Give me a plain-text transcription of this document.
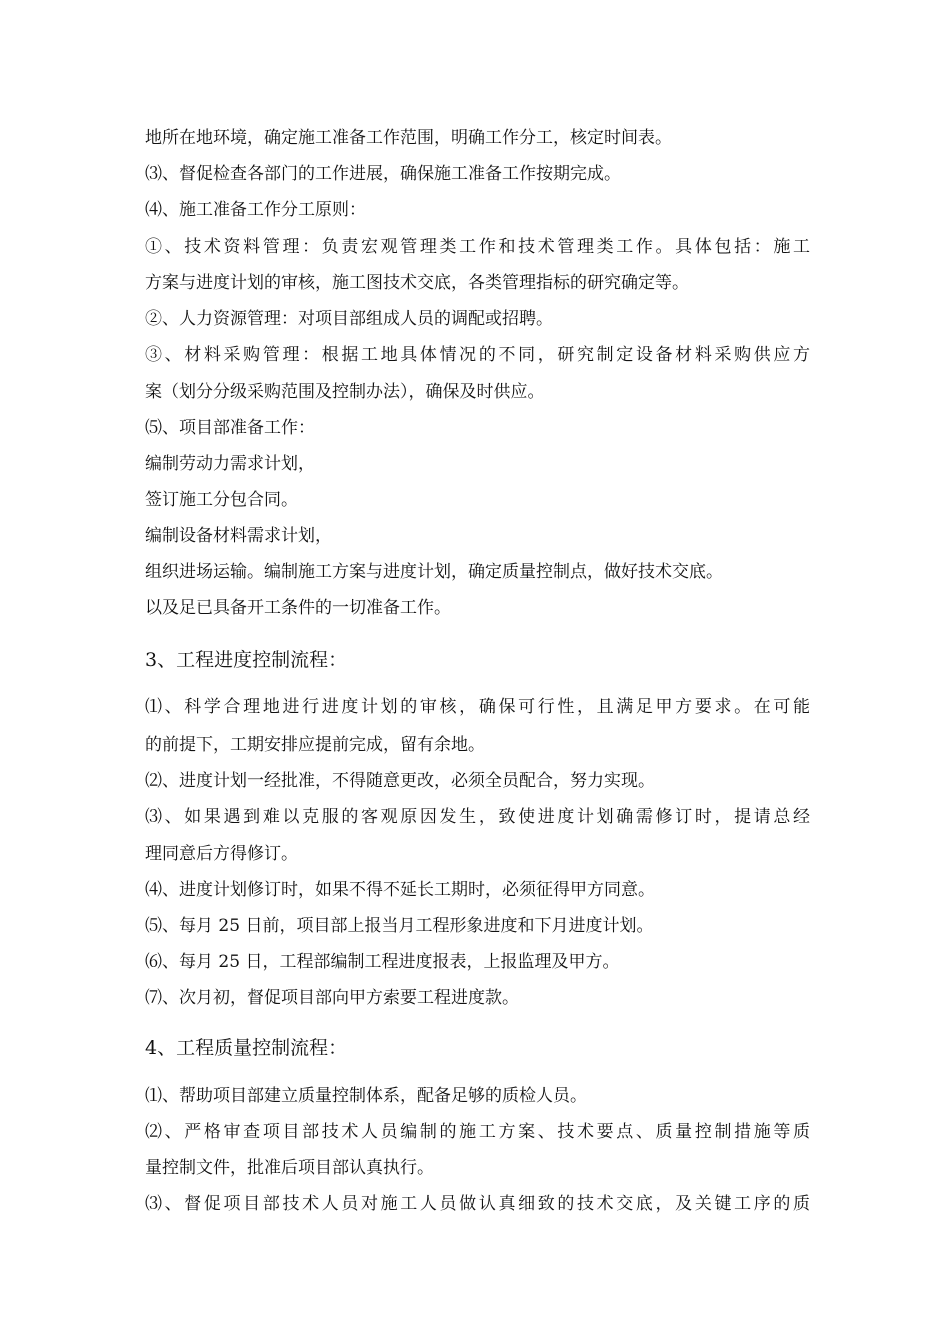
地所在地环境，确定施工准备工作范围，明确工作分工，核定时间表。
⑶、督促检查各部门的工作进展，确保施工准备工作按期完成。
⑷、施工准备工作分工原则：
①、技术资料管理：负责宏观管理类工作和技术管理类工作。具体包括：施工
方案与进度计划的审核，施工图技术交底，各类管理指标的研究确定等。
②、人力资源管理：对项目部组成人员的调配或招聘。
③、材料采购管理：根据工地具体情况的不同，研究制定设备材料采购供应方
案（划分分级采购范围及控制办法），确保及时供应。
⑸、项目部准备工作：
编制劳动力需求计划，
签订施工分包合同。
编制设备材料需求计划，
组织进场运输。编制施工方案与进度计划，确定质量控制点，做好技术交底。
以及足已具备开工条件的一切准备工作。
3、工程进度控制流程：
⑴、科学合理地进行进度计划的审核，确保可行性，且满足甲方要求。在可能
的前提下，工期安排应提前完成，留有余地。
⑵、进度计划一经批准，不得随意更改，必须全员配合，努力实现。
⑶、如果遇到难以克服的客观原因发生，致使进度计划确需修订时，提请总经
理同意后方得修订。
⑷、进度计划修订时，如果不得不延长工期时，必须征得甲方同意。
⑸、每月 25 日前，项目部上报当月工程形象进度和下月进度计划。
⑹、每月 25 日，工程部编制工程进度报表，上报监理及甲方。
⑺、次月初，督促项目部向甲方索要工程进度款。
4、工程质量控制流程：
⑴、帮助项目部建立质量控制体系，配备足够的质检人员。
⑵、严格审查项目部技术人员编制的施工方案、技术要点、质量控制措施等质
量控制文件，批准后项目部认真执行。
⑶、督促项目部技术人员对施工人员做认真细致的技术交底，及关键工序的质
